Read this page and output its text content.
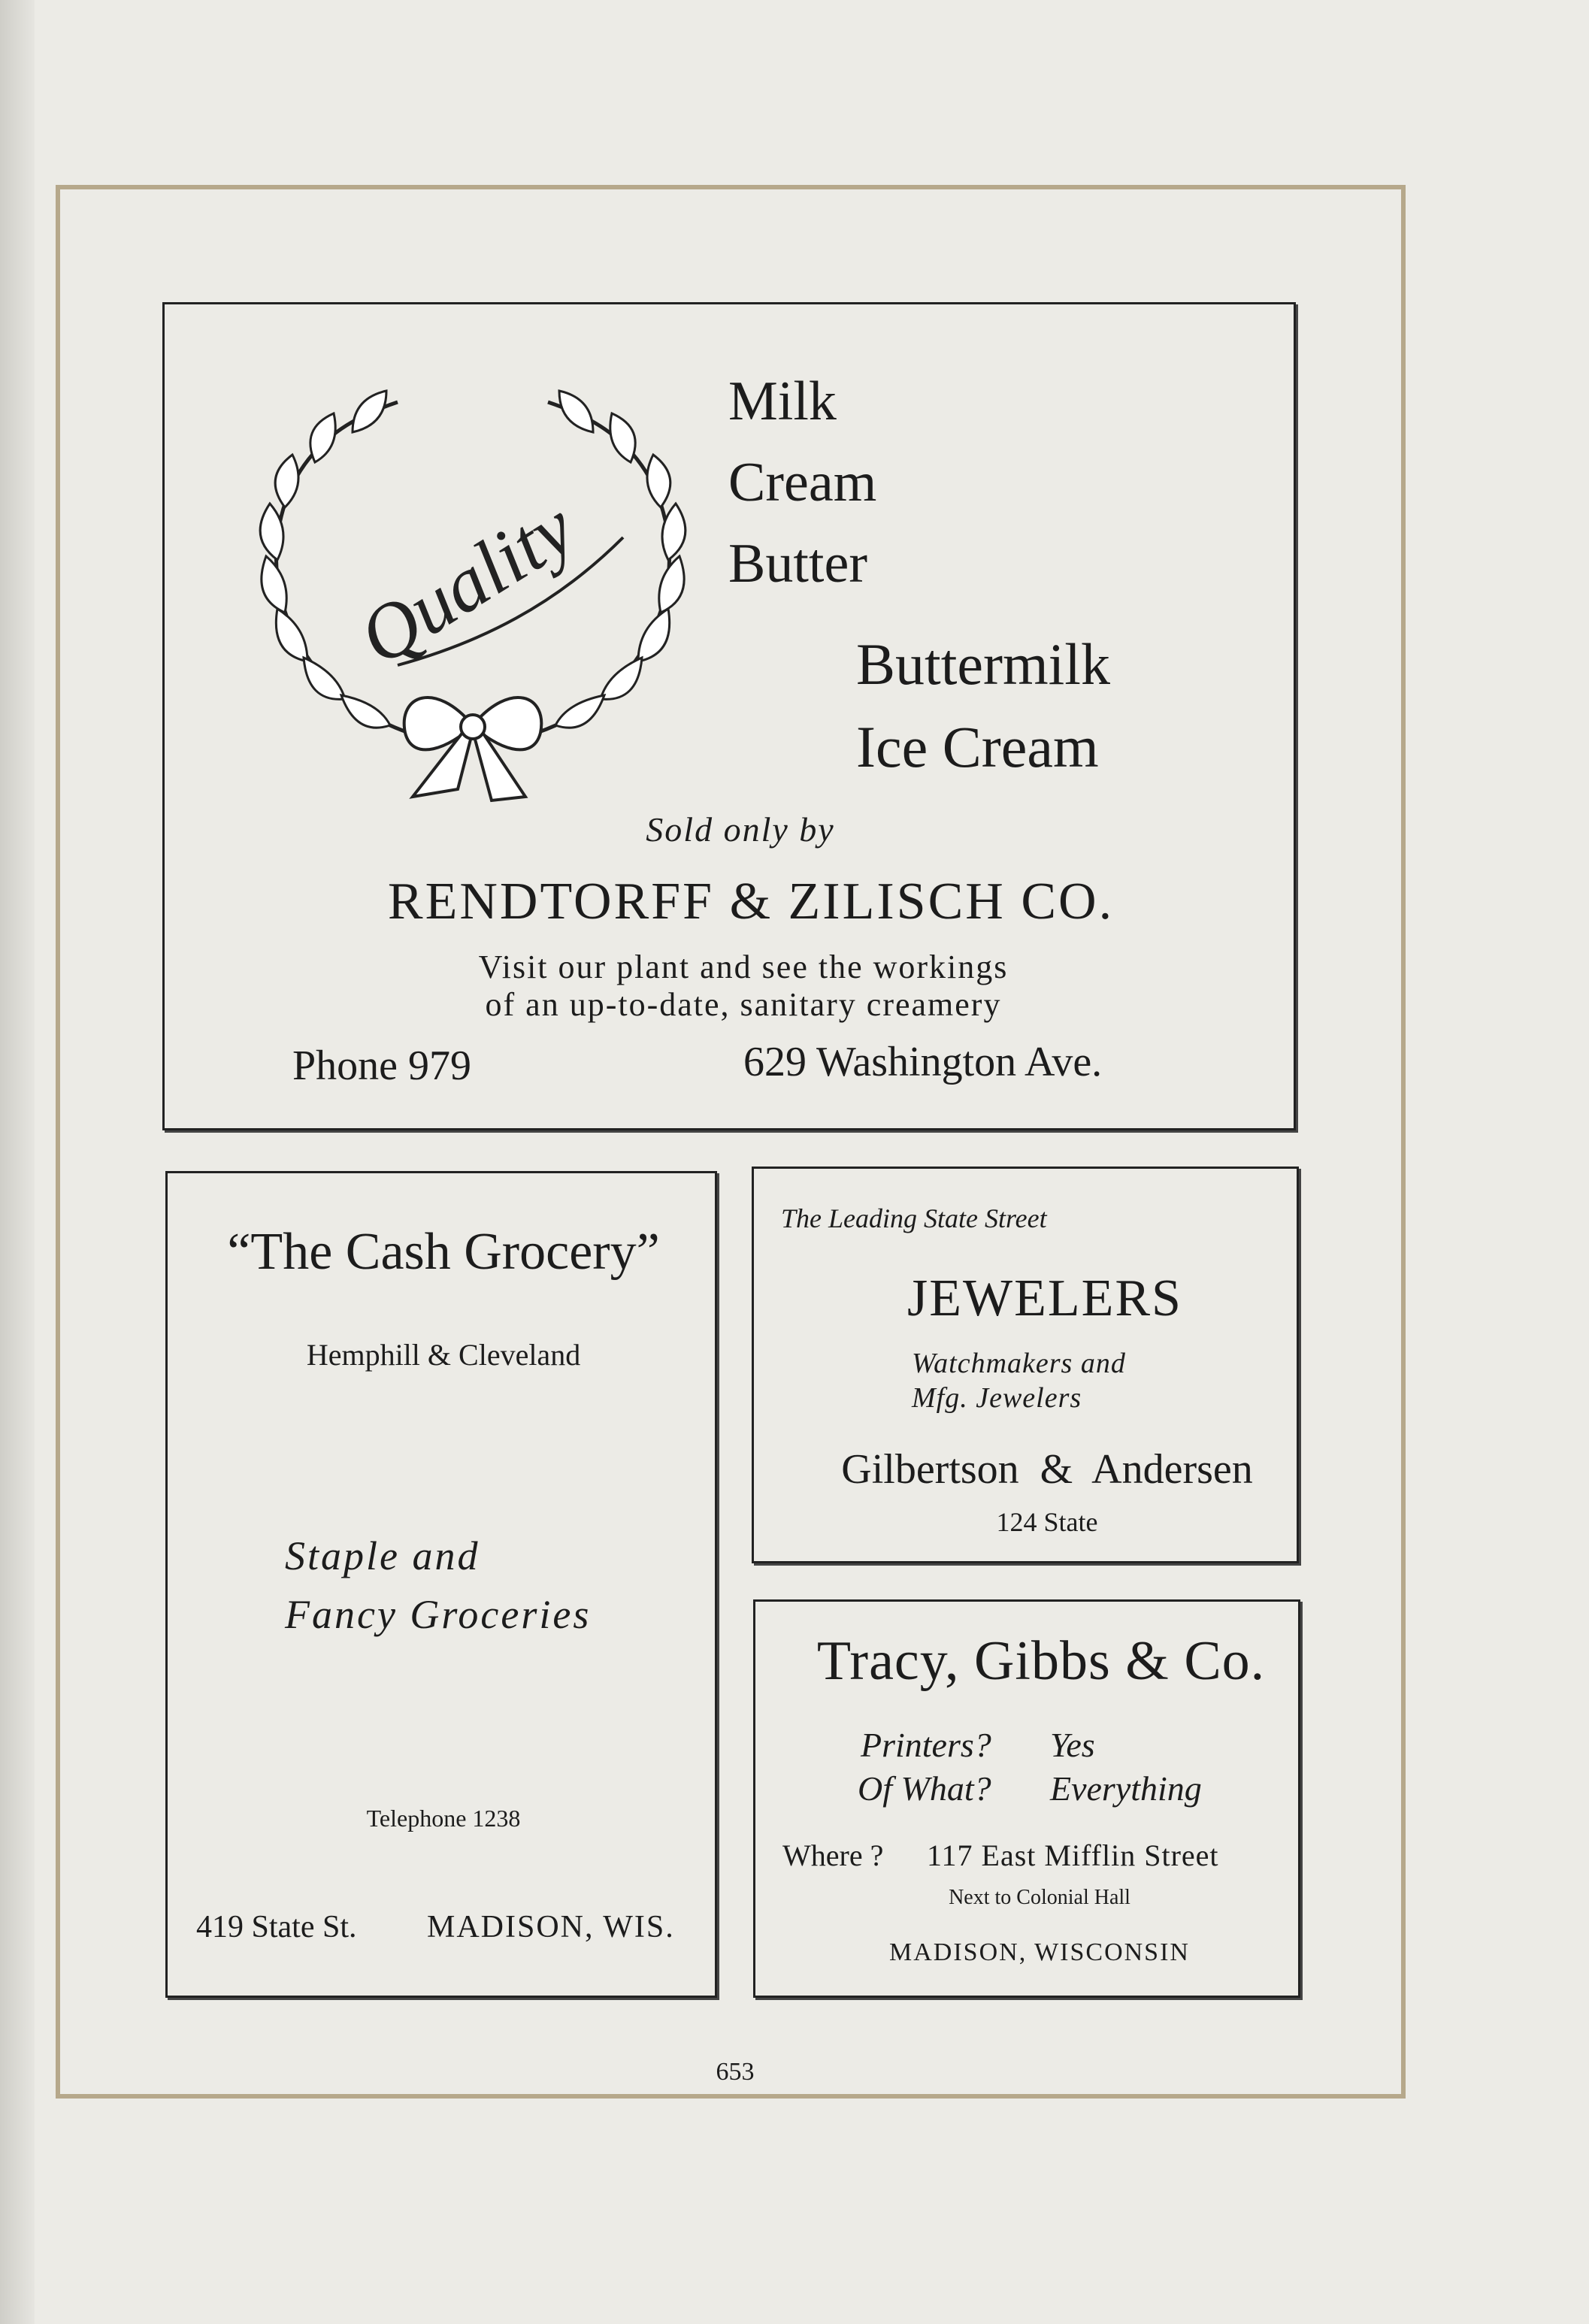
Quality
Milk
Cream
Butter
Buttermilk
Ice Cream
Sold only by
RENDTORFF & ZILISCH CO.
Visit our plant and see the workings
of an up-to-date, sanitary creamery
Phone 979	629 Washington Ave.
“The Cash Grocery”
Hemphill & Cleveland
Staple and
Fancy Groceries
Telephone 1238
419 State St. MADISON, WIS.
The Leading State Street
JEWELERS
Watchmakers and
Mfg. Jewelers
Gilbertson  &  Andersen
124 State
Tracy, Gibbs & Co.
Printers? Yes
Of What? Everything
Where ? 117 East Mifflin Street
Next to Colonial Hall
MADISON, WISCONSIN
653
